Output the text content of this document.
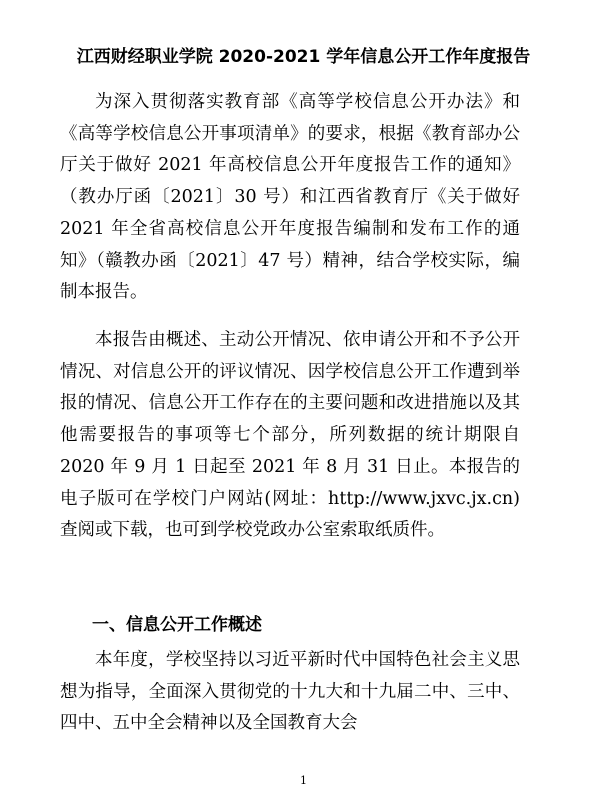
江西财经职业学院 2020-2021 学年信息公开工作年度报告

为深入贯彻落实教育部《高等学校信息公开办法》和《高等学校信息公开事项清单》的要求，根据《教育部办公厅关于做好 2021 年高校信息公开年度报告工作的通知》（教办厅函〔2021〕30 号）和江西省教育厅《关于做好 2021 年全省高校信息公开年度报告编制和发布工作的通知》（赣教办函〔2021〕47 号）精神，结合学校实际，编制本报告。

本报告由概述、主动公开情况、依申请公开和不予公开情况、对信息公开的评议情况、因学校信息公开工作遭到举报的情况、信息公开工作存在的主要问题和改进措施以及其他需要报告的事项等七个部分，所列数据的统计期限自 2020 年 9 月 1 日起至 2021 年 8 月 31 日止。本报告的电子版可在学校门户网站(网址：http://www.jxvc.jx.cn)查阅或下载，也可到学校党政办公室索取纸质件。

一、信息公开工作概述

本年度，学校坚持以习近平新时代中国特色社会主义思想为指导，全面深入贯彻党的十九大和十九届二中、三中、四中、五中全会精神以及全国教育大会

1
